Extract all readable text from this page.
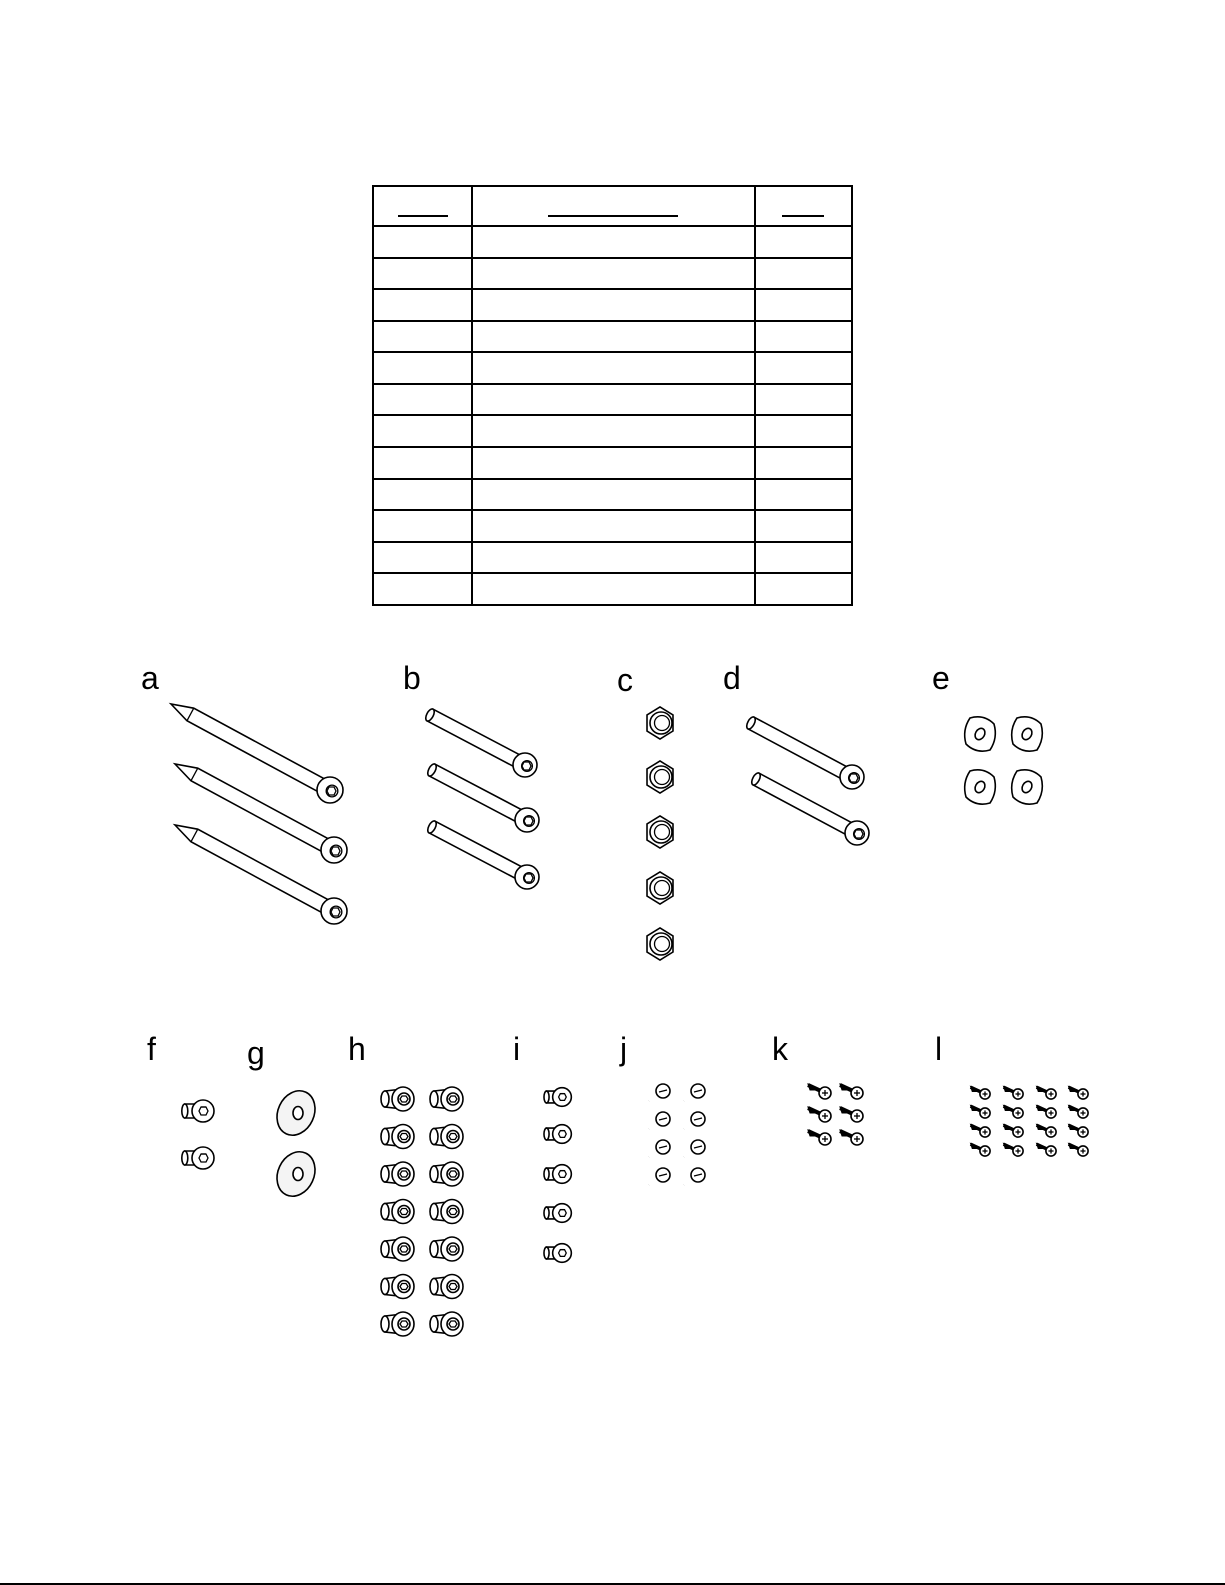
a	b	c	d	e
f	g	h	i	j	k	l
